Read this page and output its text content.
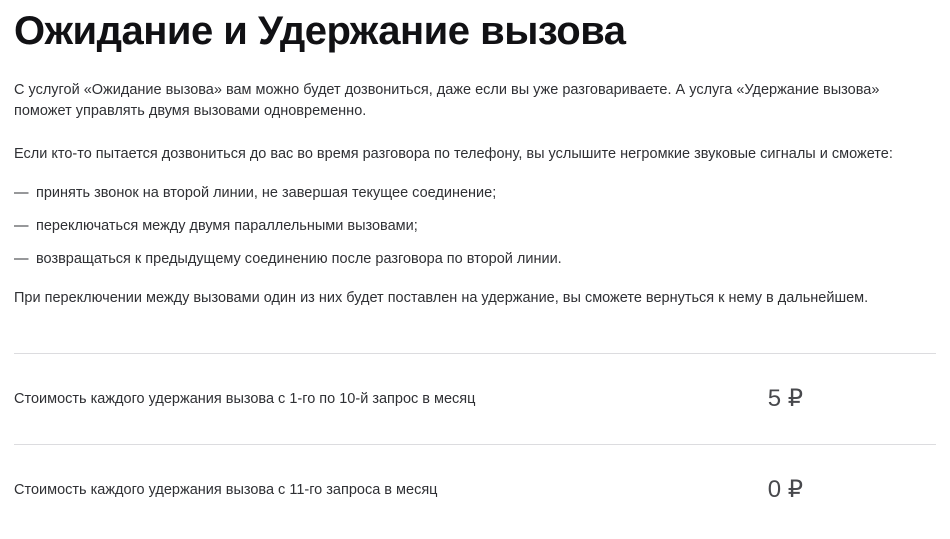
Ожидание и Удержание вызова

С услугой «Ожидание вызова» вам можно будет дозвониться, даже если вы уже разговариваете. А услуга «Удержание вызова» поможет управлять двумя вызовами одновременно.

Если кто-то пытается дозвониться до вас во время разговора по телефону, вы услышите негромкие звуковые сигналы и сможете:

— принять звонок на второй линии, не завершая текущее соединение;
— переключаться между двумя параллельными вызовами;
— возвращаться к предыдущему соединению после разговора по второй линии.

При переключении между вызовами один из них будет поставлен на удержание, вы сможете вернуться к нему в дальнейшем.

Стоимость каждого удержания вызова с 1-го по 10-й запрос в месяц	5 ₽
Стоимость каждого удержания вызова с 11-го запроса в месяц	0 ₽
